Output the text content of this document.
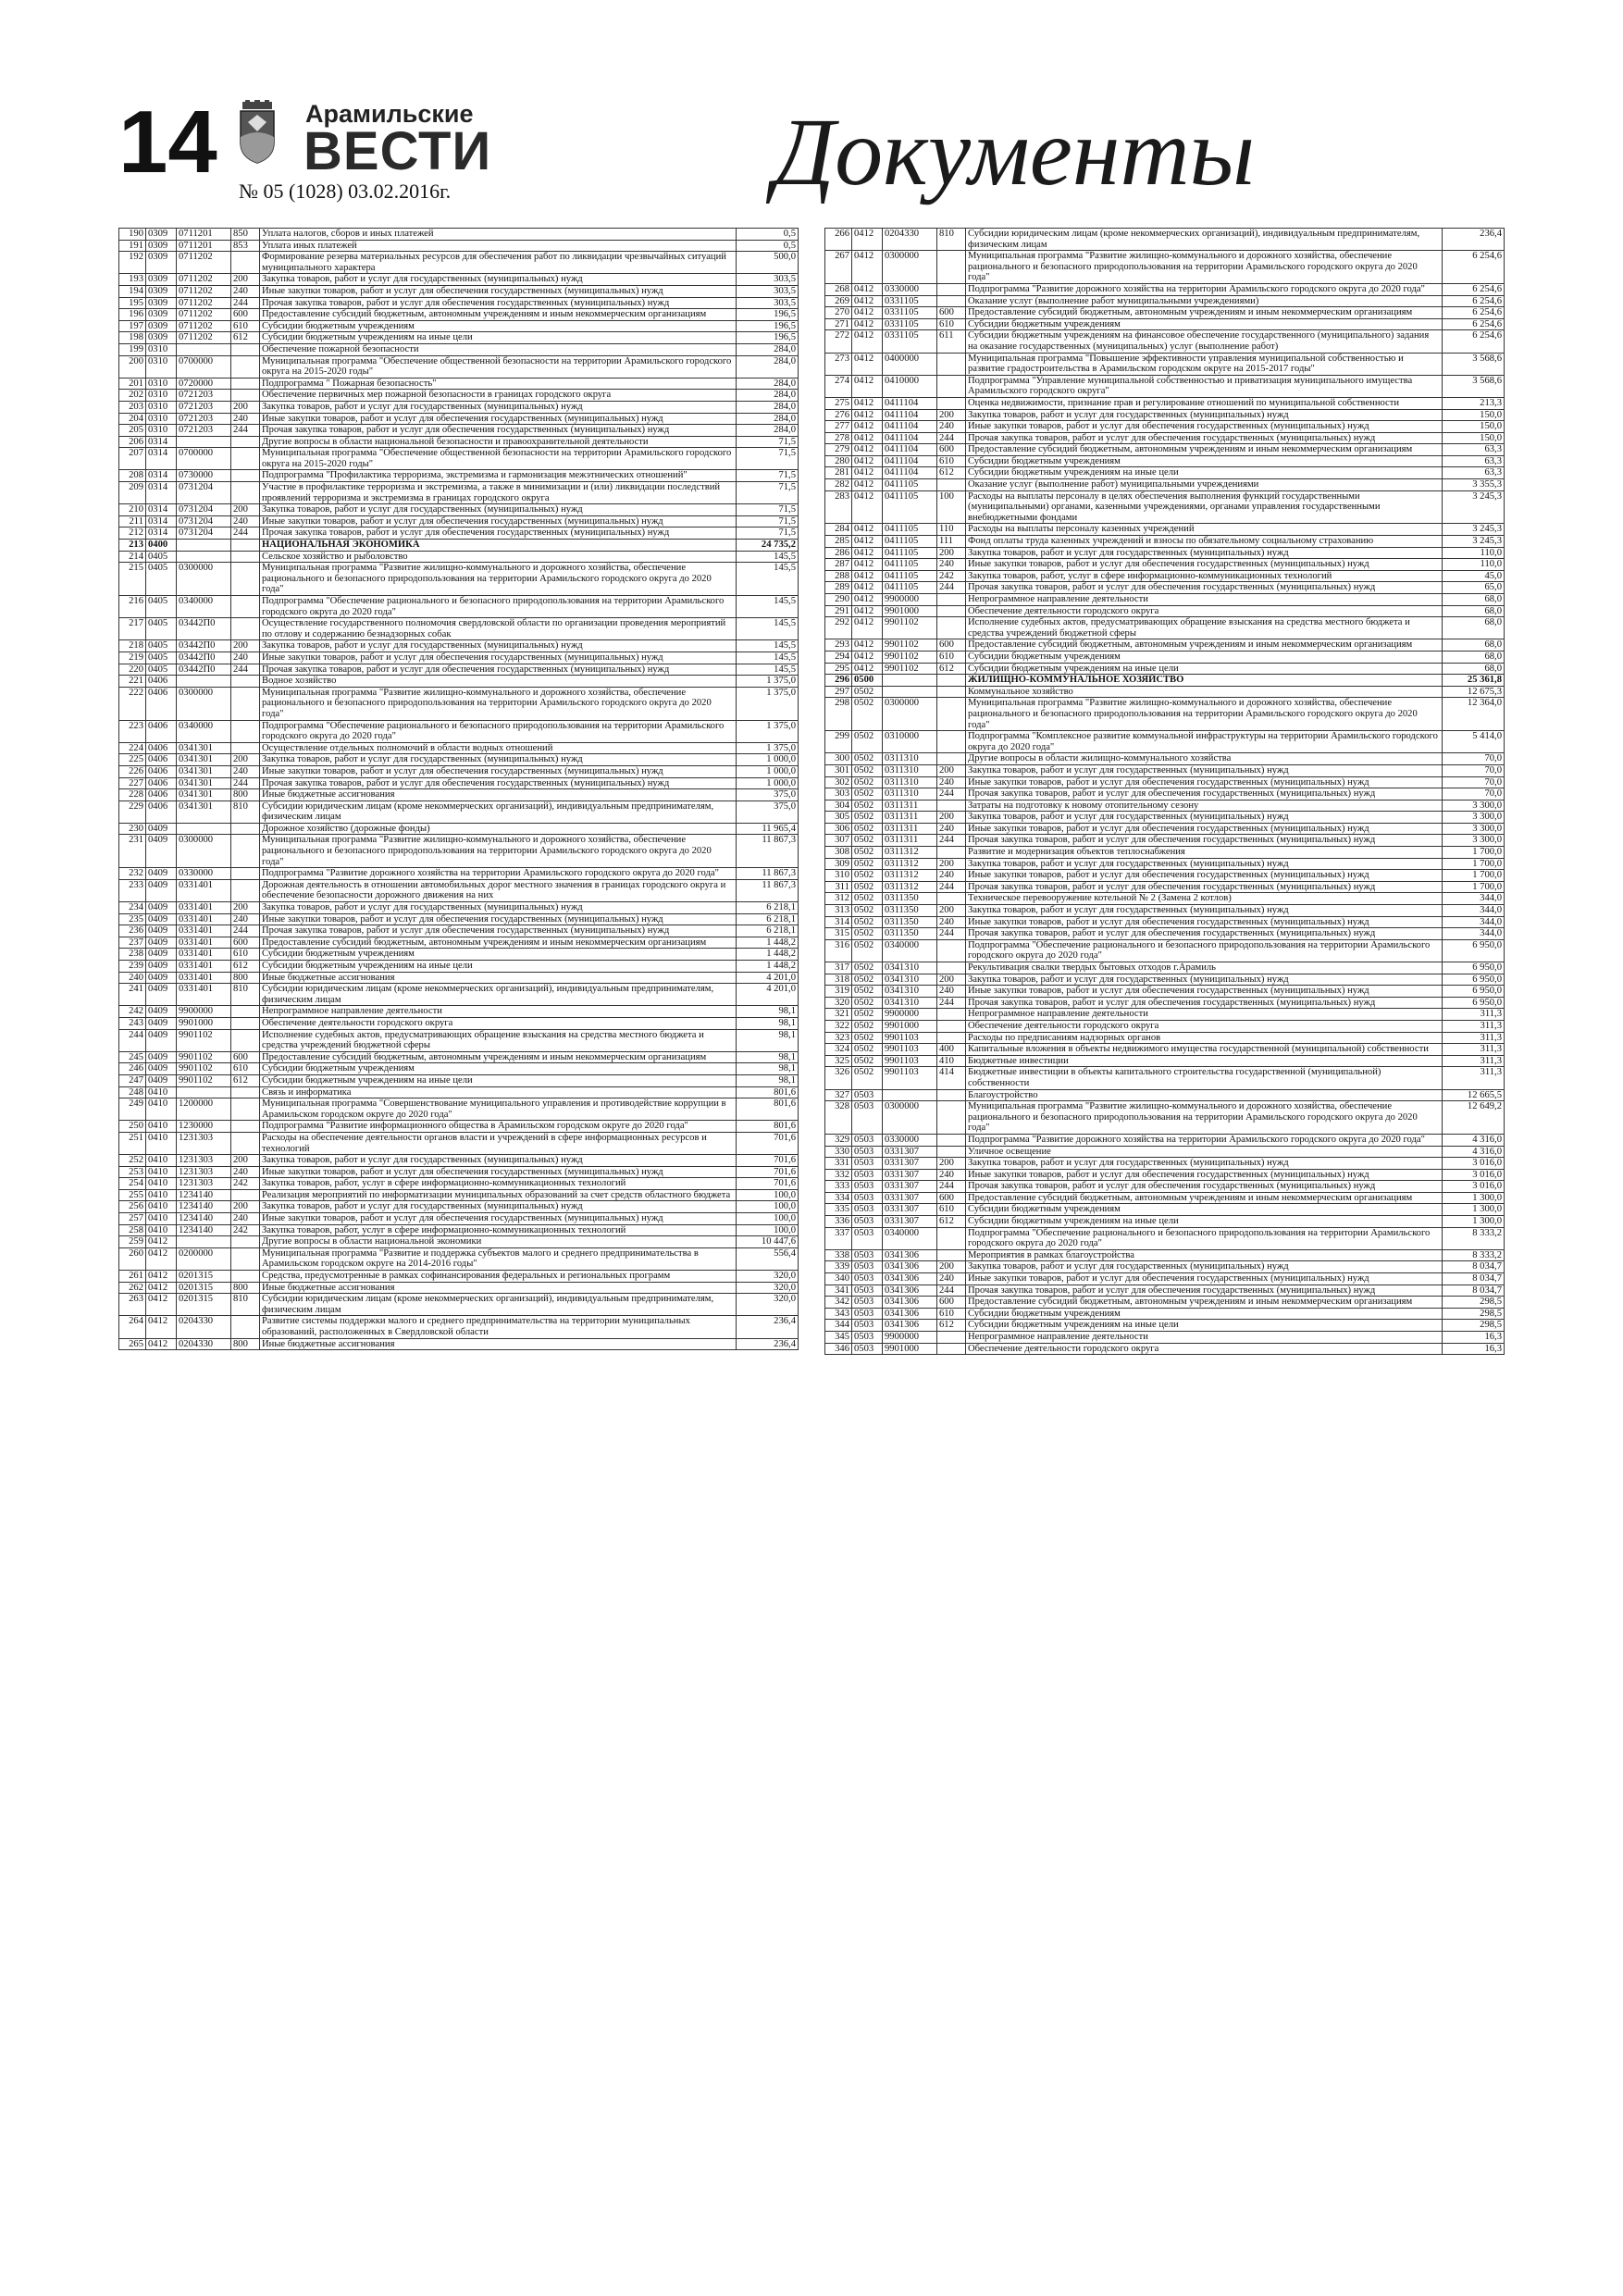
14	Арамильские
ВЕСТИ
№ 05 (1028) 03.02.2016г.	Документы
190	0309	0711201	850	Уплата налогов, сборов и иных платежей	0,5
191	0309	0711201	853	Уплата иных платежей	0,5
192	0309	0711202		Формирование резерва материальных ресурсов для обеспечения работ по ликвидации чрезвычайных ситуаций муниципального характера	500,0
193	0309	0711202	200	Закупка товаров, работ и услуг для государственных (муниципальных) нужд	303,5
194	0309	0711202	240	Иные закупки товаров, работ и услуг для обеспечения государственных (муниципальных) нужд	303,5
195	0309	0711202	244	Прочая закупка товаров, работ и услуг для обеспечения государственных (муниципальных) нужд	303,5
196	0309	0711202	600	Предоставление субсидий бюджетным, автономным учреждениям и иным некоммерческим организациям	196,5
197	0309	0711202	610	Субсидии бюджетным учреждениям	196,5
198	0309	0711202	612	Субсидии бюджетным учреждениям на иные цели	196,5
199	0310			Обеспечение пожарной безопасности	284,0
200	0310	0700000		Муниципальная программа "Обеспечение общественной безопасности на территории Арамильского городского округа на 2015-2020 годы"	284,0
201	0310	0720000		Подпрограмма " Пожарная безопасность"	284,0
202	0310	0721203		Обеспечение первичных мер пожарной безопасности в границах городского округа	284,0
203	0310	0721203	200	Закупка товаров, работ и услуг для государственных (муниципальных) нужд	284,0
204	0310	0721203	240	Иные закупки товаров, работ и услуг для обеспечения государственных (муниципальных) нужд	284,0
205	0310	0721203	244	Прочая закупка товаров, работ и услуг для обеспечения государственных (муниципальных) нужд	284,0
206	0314			Другие вопросы в области национальной безопасности и правоохранительной деятельности	71,5
207	0314	0700000		Муниципальная программа "Обеспечение общественной безопасности на территории Арамильского городского округа на 2015-2020 годы"	71,5
208	0314	0730000		Подпрограмма "Профилактика терроризма, экстремизма и гармонизация межэтнических отношений"	71,5
209	0314	0731204		Участие в профилактике терроризма и экстремизма, а также в минимизации и (или) ликвидации последствий проявлений терроризма и экстремизма в границах городского округа	71,5
210	0314	0731204	200	Закупка товаров, работ и услуг для государственных (муниципальных) нужд	71,5
211	0314	0731204	240	Иные закупки товаров, работ и услуг для обеспечения государственных (муниципальных) нужд	71,5
212	0314	0731204	244	Прочая закупка товаров, работ и услуг для обеспечения государственных (муниципальных) нужд	71,5
213	0400			НАЦИОНАЛЬНАЯ ЭКОНОМИКА	24 735,2
214	0405			Сельское хозяйство и рыболовство	145,5
215	0405	0300000		Муниципальная программа "Развитие жилищно-коммунального и дорожного хозяйства, обеспечение рационального и безопасного природопользования на территории Арамильского городского округа до 2020 года"	145,5
216	0405	0340000		Подпрограмма "Обеспечение рационального и безопасного природопользования на территории Арамильского городского округа до 2020 года"	145,5
217	0405	03442П0		Осуществление государственного полномочия свердловской области по организации проведения мероприятий по отлову и содержанию безнадзорных собак	145,5
218	0405	03442П0	200	Закупка товаров, работ и услуг для государственных (муниципальных) нужд	145,5
219	0405	03442П0	240	Иные закупки товаров, работ и услуг для обеспечения государственных (муниципальных) нужд	145,5
220	0405	03442П0	244	Прочая закупка товаров, работ и услуг для обеспечения государственных (муниципальных) нужд	145,5
221	0406			Водное хозяйство	1 375,0
222	0406	0300000		Муниципальная программа "Развитие жилищно-коммунального и дорожного хозяйства, обеспечение рационального и безопасного природопользования на территории Арамильского городского округа до 2020 года"	1 375,0
223	0406	0340000		Подпрограмма "Обеспечение рационального и безопасного природопользования на территории Арамильского городского округа до 2020 года"	1 375,0
224	0406	0341301		Осуществление отдельных полномочий в области водных отношений	1 375,0
225	0406	0341301	200	Закупка товаров, работ и услуг для государственных (муниципальных) нужд	1 000,0
226	0406	0341301	240	Иные закупки товаров, работ и услуг для обеспечения государственных (муниципальных) нужд	1 000,0
227	0406	0341301	244	Прочая закупка товаров, работ и услуг для обеспечения государственных (муниципальных) нужд	1 000,0
228	0406	0341301	800	Иные бюджетные ассигнования	375,0
229	0406	0341301	810	Субсидии юридическим лицам (кроме некоммерческих организаций), индивидуальным предпринимателям, физическим лицам	375,0
230	0409			Дорожное хозяйство (дорожные фонды)	11 965,4
231	0409	0300000		Муниципальная программа "Развитие жилищно-коммунального и дорожного хозяйства, обеспечение рационального и безопасного природопользования на территории Арамильского городского округа до 2020 года"	11 867,3
232	0409	0330000		Подпрограмма "Развитие дорожного хозяйства на территории Арамильского городского округа до 2020 года"	11 867,3
233	0409	0331401		Дорожная деятельность в отношении автомобильных дорог местного значения в границах городского округа и обеспечение безопасности дорожного движения на них	11 867,3
234	0409	0331401	200	Закупка товаров, работ и услуг для государственных (муниципальных) нужд	6 218,1
235	0409	0331401	240	Иные закупки товаров, работ и услуг для обеспечения государственных (муниципальных) нужд	6 218,1
236	0409	0331401	244	Прочая закупка товаров, работ и услуг для обеспечения государственных (муниципальных) нужд	6 218,1
237	0409	0331401	600	Предоставление субсидий бюджетным, автономным учреждениям и иным некоммерческим организациям	1 448,2
238	0409	0331401	610	Субсидии бюджетным учреждениям	1 448,2
239	0409	0331401	612	Субсидии бюджетным учреждениям на иные цели	1 448,2
240	0409	0331401	800	Иные бюджетные ассигнования	4 201,0
241	0409	0331401	810	Субсидии юридическим лицам (кроме некоммерческих организаций), индивидуальным предпринимателям, физическим лицам	4 201,0
242	0409	9900000		Непрограммное направление деятельности	98,1
243	0409	9901000		Обеспечение деятельности городского округа	98,1
244	0409	9901102		Исполнение судебных актов, предусматривающих обращение взыскания на средства местного бюджета и средства учреждений бюджетной сферы	98,1
245	0409	9901102	600	Предоставление субсидий бюджетным, автономным учреждениям и иным некоммерческим организациям	98,1
246	0409	9901102	610	Субсидии бюджетным учреждениям	98,1
247	0409	9901102	612	Субсидии бюджетным учреждениям на иные цели	98,1
248	0410			Связь и информатика	801,6
249	0410	1200000		Муниципальная программа "Совершенствование муниципального управления и противодействие коррупции в Арамильском городском округе до 2020 года"	801,6
250	0410	1230000		Подпрограмма "Развитие информационного общества в Арамильском городском округе до 2020 года"	801,6
251	0410	1231303		Расходы на обеспечение деятельности органов власти и учреждений в сфере информационных ресурсов и технологий	701,6
252	0410	1231303	200	Закупка товаров, работ и услуг для государственных (муниципальных) нужд	701,6
253	0410	1231303	240	Иные закупки товаров, работ и услуг для обеспечения государственных (муниципальных) нужд	701,6
254	0410	1231303	242	Закупка товаров, работ, услуг в сфере информационно-коммуникационных технологий	701,6
255	0410	1234140		Реализация мероприятий по информатизации муниципальных образований за счет средств областного бюджета	100,0
256	0410	1234140	200	Закупка товаров, работ и услуг для государственных (муниципальных) нужд	100,0
257	0410	1234140	240	Иные закупки товаров, работ и услуг для обеспечения государственных (муниципальных) нужд	100,0
258	0410	1234140	242	Закупка товаров, работ, услуг в сфере информационно-коммуникационных технологий	100,0
259	0412			Другие вопросы в области национальной экономики	10 447,6
260	0412	0200000		Муниципальная программа "Развитие и поддержка субъектов малого и среднего предпринимательства в Арамильском городском округе на 2014-2016 годы"	556,4
261	0412	0201315		Средства, предусмотренные в рамках софинансирования федеральных и региональных программ	320,0
262	0412	0201315	800	Иные бюджетные ассигнования	320,0
263	0412	0201315	810	Субсидии юридическим лицам (кроме некоммерческих организаций), индивидуальным предпринимателям, физическим лицам	320,0
264	0412	0204330		Развитие системы поддержки малого и среднего предпринимательства на территории муниципальных образований, расположенных в Свердловской области	236,4
265	0412	0204330	800	Иные бюджетные ассигнования	236,4
266	0412	0204330	810	Субсидии юридическим лицам (кроме некоммерческих организаций), индивидуальным предпринимателям, физическим лицам	236,4
267	0412	0300000		Муниципальная программа "Развитие жилищно-коммунального и дорожного хозяйства, обеспечение рационального и безопасного природопользования на территории Арамильского городского округа до 2020 года"	6 254,6
268	0412	0330000		Подпрограмма "Развитие дорожного хозяйства на территории Арамильского городского округа до 2020 года"	6 254,6
269	0412	0331105		Оказание услуг (выполнение работ муниципальными учреждениями)	6 254,6
270	0412	0331105	600	Предоставление субсидий бюджетным, автономным учреждениям и иным некоммерческим организациям	6 254,6
271	0412	0331105	610	Субсидии бюджетным учреждениям	6 254,6
272	0412	0331105	611	Субсидии бюджетным учреждениям на финансовое обеспечение государственного (муниципального) задания на оказание государственных (муниципальных) услуг (выполнение работ)	6 254,6
273	0412	0400000		Муниципальная программа "Повышение эффективности управления муниципальной собственностью и развитие градостроительства в Арамильском городском округе на 2015-2017 годы"	3 568,6
274	0412	0410000		Подпрограмма "Управление муниципальной собственностью и приватизация муниципального имущества Арамильского городского округа"	3 568,6
275	0412	0411104		Оценка недвижимости, признание прав и регулирование отношений по муниципальной собственности	213,3
276	0412	0411104	200	Закупка товаров, работ и услуг для государственных (муниципальных) нужд	150,0
277	0412	0411104	240	Иные закупки товаров, работ и услуг для обеспечения государственных (муниципальных) нужд	150,0
278	0412	0411104	244	Прочая закупка товаров, работ и услуг для обеспечения государственных (муниципальных) нужд	150,0
279	0412	0411104	600	Предоставление субсидий бюджетным, автономным учреждениям и иным некоммерческим организациям	63,3
280	0412	0411104	610	Субсидии бюджетным учреждениям	63,3
281	0412	0411104	612	Субсидии бюджетным учреждениям на иные цели	63,3
282	0412	0411105		Оказание услуг (выполнение работ) муниципальными учреждениями	3 355,3
283	0412	0411105	100	Расходы на выплаты персоналу в целях обеспечения выполнения функций государственными (муниципальными) органами, казенными учреждениями, органами управления государственными внебюджетными фондами	3 245,3
284	0412	0411105	110	Расходы на выплаты персоналу казенных учреждений	3 245,3
285	0412	0411105	111	Фонд оплаты труда казенных учреждений и взносы по обязательному социальному страхованию	3 245,3
286	0412	0411105	200	Закупка товаров, работ и услуг для государственных (муниципальных) нужд	110,0
287	0412	0411105	240	Иные закупки товаров, работ и услуг для обеспечения государственных (муниципальных) нужд	110,0
288	0412	0411105	242	Закупка товаров, работ, услуг в сфере информационно-коммуникационных технологий	45,0
289	0412	0411105	244	Прочая закупка товаров, работ и услуг для обеспечения государственных (муниципальных) нужд	65,0
290	0412	9900000		Непрограммное направление деятельности	68,0
291	0412	9901000		Обеспечение деятельности городского округа	68,0
292	0412	9901102		Исполнение судебных актов, предусматривающих обращение взыскания на средства местного бюджета и средства учреждений бюджетной сферы	68,0
293	0412	9901102	600	Предоставление субсидий бюджетным, автономным учреждениям и иным некоммерческим организациям	68,0
294	0412	9901102	610	Субсидии бюджетным учреждениям	68,0
295	0412	9901102	612	Субсидии бюджетным учреждениям на иные цели	68,0
296	0500			ЖИЛИЩНО-КОММУНАЛЬНОЕ ХОЗЯЙСТВО	25 361,8
297	0502			Коммунальное хозяйство	12 675,3
298	0502	0300000		Муниципальная программа "Развитие жилищно-коммунального и дорожного хозяйства, обеспечение рационального и безопасного природопользования на территории Арамильского городского округа до 2020 года"	12 364,0
299	0502	0310000		Подпрограмма "Комплексное развитие коммунальной инфраструктуры на территории Арамильского городского округа до 2020 года"	5 414,0
300	0502	0311310		Другие вопросы в области жилищно-коммунального хозяйства	70,0
301	0502	0311310	200	Закупка товаров, работ и услуг для государственных (муниципальных) нужд	70,0
302	0502	0311310	240	Иные закупки товаров, работ и услуг для обеспечения государственных (муниципальных) нужд	70,0
303	0502	0311310	244	Прочая закупка товаров, работ и услуг для обеспечения государственных (муниципальных) нужд	70,0
304	0502	0311311		Затраты на подготовку к новому отопительному сезону	3 300,0
305	0502	0311311	200	Закупка товаров, работ и услуг для государственных (муниципальных) нужд	3 300,0
306	0502	0311311	240	Иные закупки товаров, работ и услуг для обеспечения государственных (муниципальных) нужд	3 300,0
307	0502	0311311	244	Прочая закупка товаров, работ и услуг для обеспечения государственных (муниципальных) нужд	3 300,0
308	0502	0311312		Развитие и модернизация объектов теплоснабжения	1 700,0
309	0502	0311312	200	Закупка товаров, работ и услуг для государственных (муниципальных) нужд	1 700,0
310	0502	0311312	240	Иные закупки товаров, работ и услуг для обеспечения государственных (муниципальных) нужд	1 700,0
311	0502	0311312	244	Прочая закупка товаров, работ и услуг для обеспечения государственных (муниципальных) нужд	1 700,0
312	0502	0311350		Техническое перевооружение котельной № 2 (Замена 2 котлов)	344,0
313	0502	0311350	200	Закупка товаров, работ и услуг для государственных (муниципальных) нужд	344,0
314	0502	0311350	240	Иные закупки товаров, работ и услуг для обеспечения государственных (муниципальных) нужд	344,0
315	0502	0311350	244	Прочая закупка товаров, работ и услуг для обеспечения государственных (муниципальных) нужд	344,0
316	0502	0340000		Подпрограмма "Обеспечение рационального и безопасного природопользования на территории Арамильского городского округа до 2020 года"	6 950,0
317	0502	0341310		Рекультивация свалки твердых бытовых отходов г.Арамиль	6 950,0
318	0502	0341310	200	Закупка товаров, работ и услуг для государственных (муниципальных) нужд	6 950,0
319	0502	0341310	240	Иные закупки товаров, работ и услуг для обеспечения государственных (муниципальных) нужд	6 950,0
320	0502	0341310	244	Прочая закупка товаров, работ и услуг для обеспечения государственных (муниципальных) нужд	6 950,0
321	0502	9900000		Непрограммное направление деятельности	311,3
322	0502	9901000		Обеспечение деятельности городского округа	311,3
323	0502	9901103		Расходы по предписаниям надзорных органов	311,3
324	0502	9901103	400	Капитальные вложения в объекты недвижимого имущества государственной (муниципальной) собственности	311,3
325	0502	9901103	410	Бюджетные инвестиции	311,3
326	0502	9901103	414	Бюджетные инвестиции в объекты капитального строительства государственной (муниципальной) собственности	311,3
327	0503			Благоустройство	12 665,5
328	0503	0300000		Муниципальная программа "Развитие жилищно-коммунального и дорожного хозяйства, обеспечение рационального и безопасного природопользования на территории Арамильского городского округа до 2020 года"	12 649,2
329	0503	0330000		Подпрограмма "Развитие дорожного хозяйства на территории Арамильского городского округа до 2020 года"	4 316,0
330	0503	0331307		Уличное освещение	4 316,0
331	0503	0331307	200	Закупка товаров, работ и услуг для государственных (муниципальных) нужд	3 016,0
332	0503	0331307	240	Иные закупки товаров, работ и услуг для обеспечения государственных (муниципальных) нужд	3 016,0
333	0503	0331307	244	Прочая закупка товаров, работ и услуг для обеспечения государственных (муниципальных) нужд	3 016,0
334	0503	0331307	600	Предоставление субсидий бюджетным, автономным учреждениям и иным некоммерческим организациям	1 300,0
335	0503	0331307	610	Субсидии бюджетным учреждениям	1 300,0
336	0503	0331307	612	Субсидии бюджетным учреждениям на иные цели	1 300,0
337	0503	0340000		Подпрограмма "Обеспечение рационального и безопасного природопользования на территории Арамильского городского округа до 2020 года"	8 333,2
338	0503	0341306		Мероприятия в рамках благоустройства	8 333,2
339	0503	0341306	200	Закупка товаров, работ и услуг для государственных (муниципальных) нужд	8 034,7
340	0503	0341306	240	Иные закупки товаров, работ и услуг для обеспечения государственных (муниципальных) нужд	8 034,7
341	0503	0341306	244	Прочая закупка товаров, работ и услуг для обеспечения государственных (муниципальных) нужд	8 034,7
342	0503	0341306	600	Предоставление субсидий бюджетным, автономным учреждениям и иным некоммерческим организациям	298,5
343	0503	0341306	610	Субсидии бюджетным учреждениям	298,5
344	0503	0341306	612	Субсидии бюджетным учреждениям на иные цели	298,5
345	0503	9900000		Непрограммное направление деятельности	16,3
346	0503	9901000		Обеспечение деятельности городского округа	16,3
